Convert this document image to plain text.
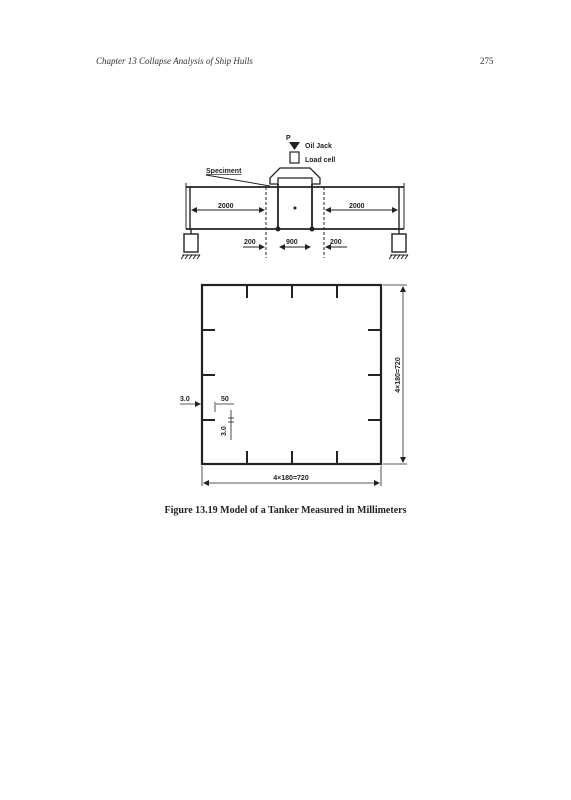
Chapter 13 Collapse Analysis of Ship Hulls	275
P
Oil Jack
Load cell
Speciment
2000	2000
200	900	200
3.0	50
3.0
4×180=720
4×180=720
Figure 13.19 Model of a Tanker Measured in Millimeters
